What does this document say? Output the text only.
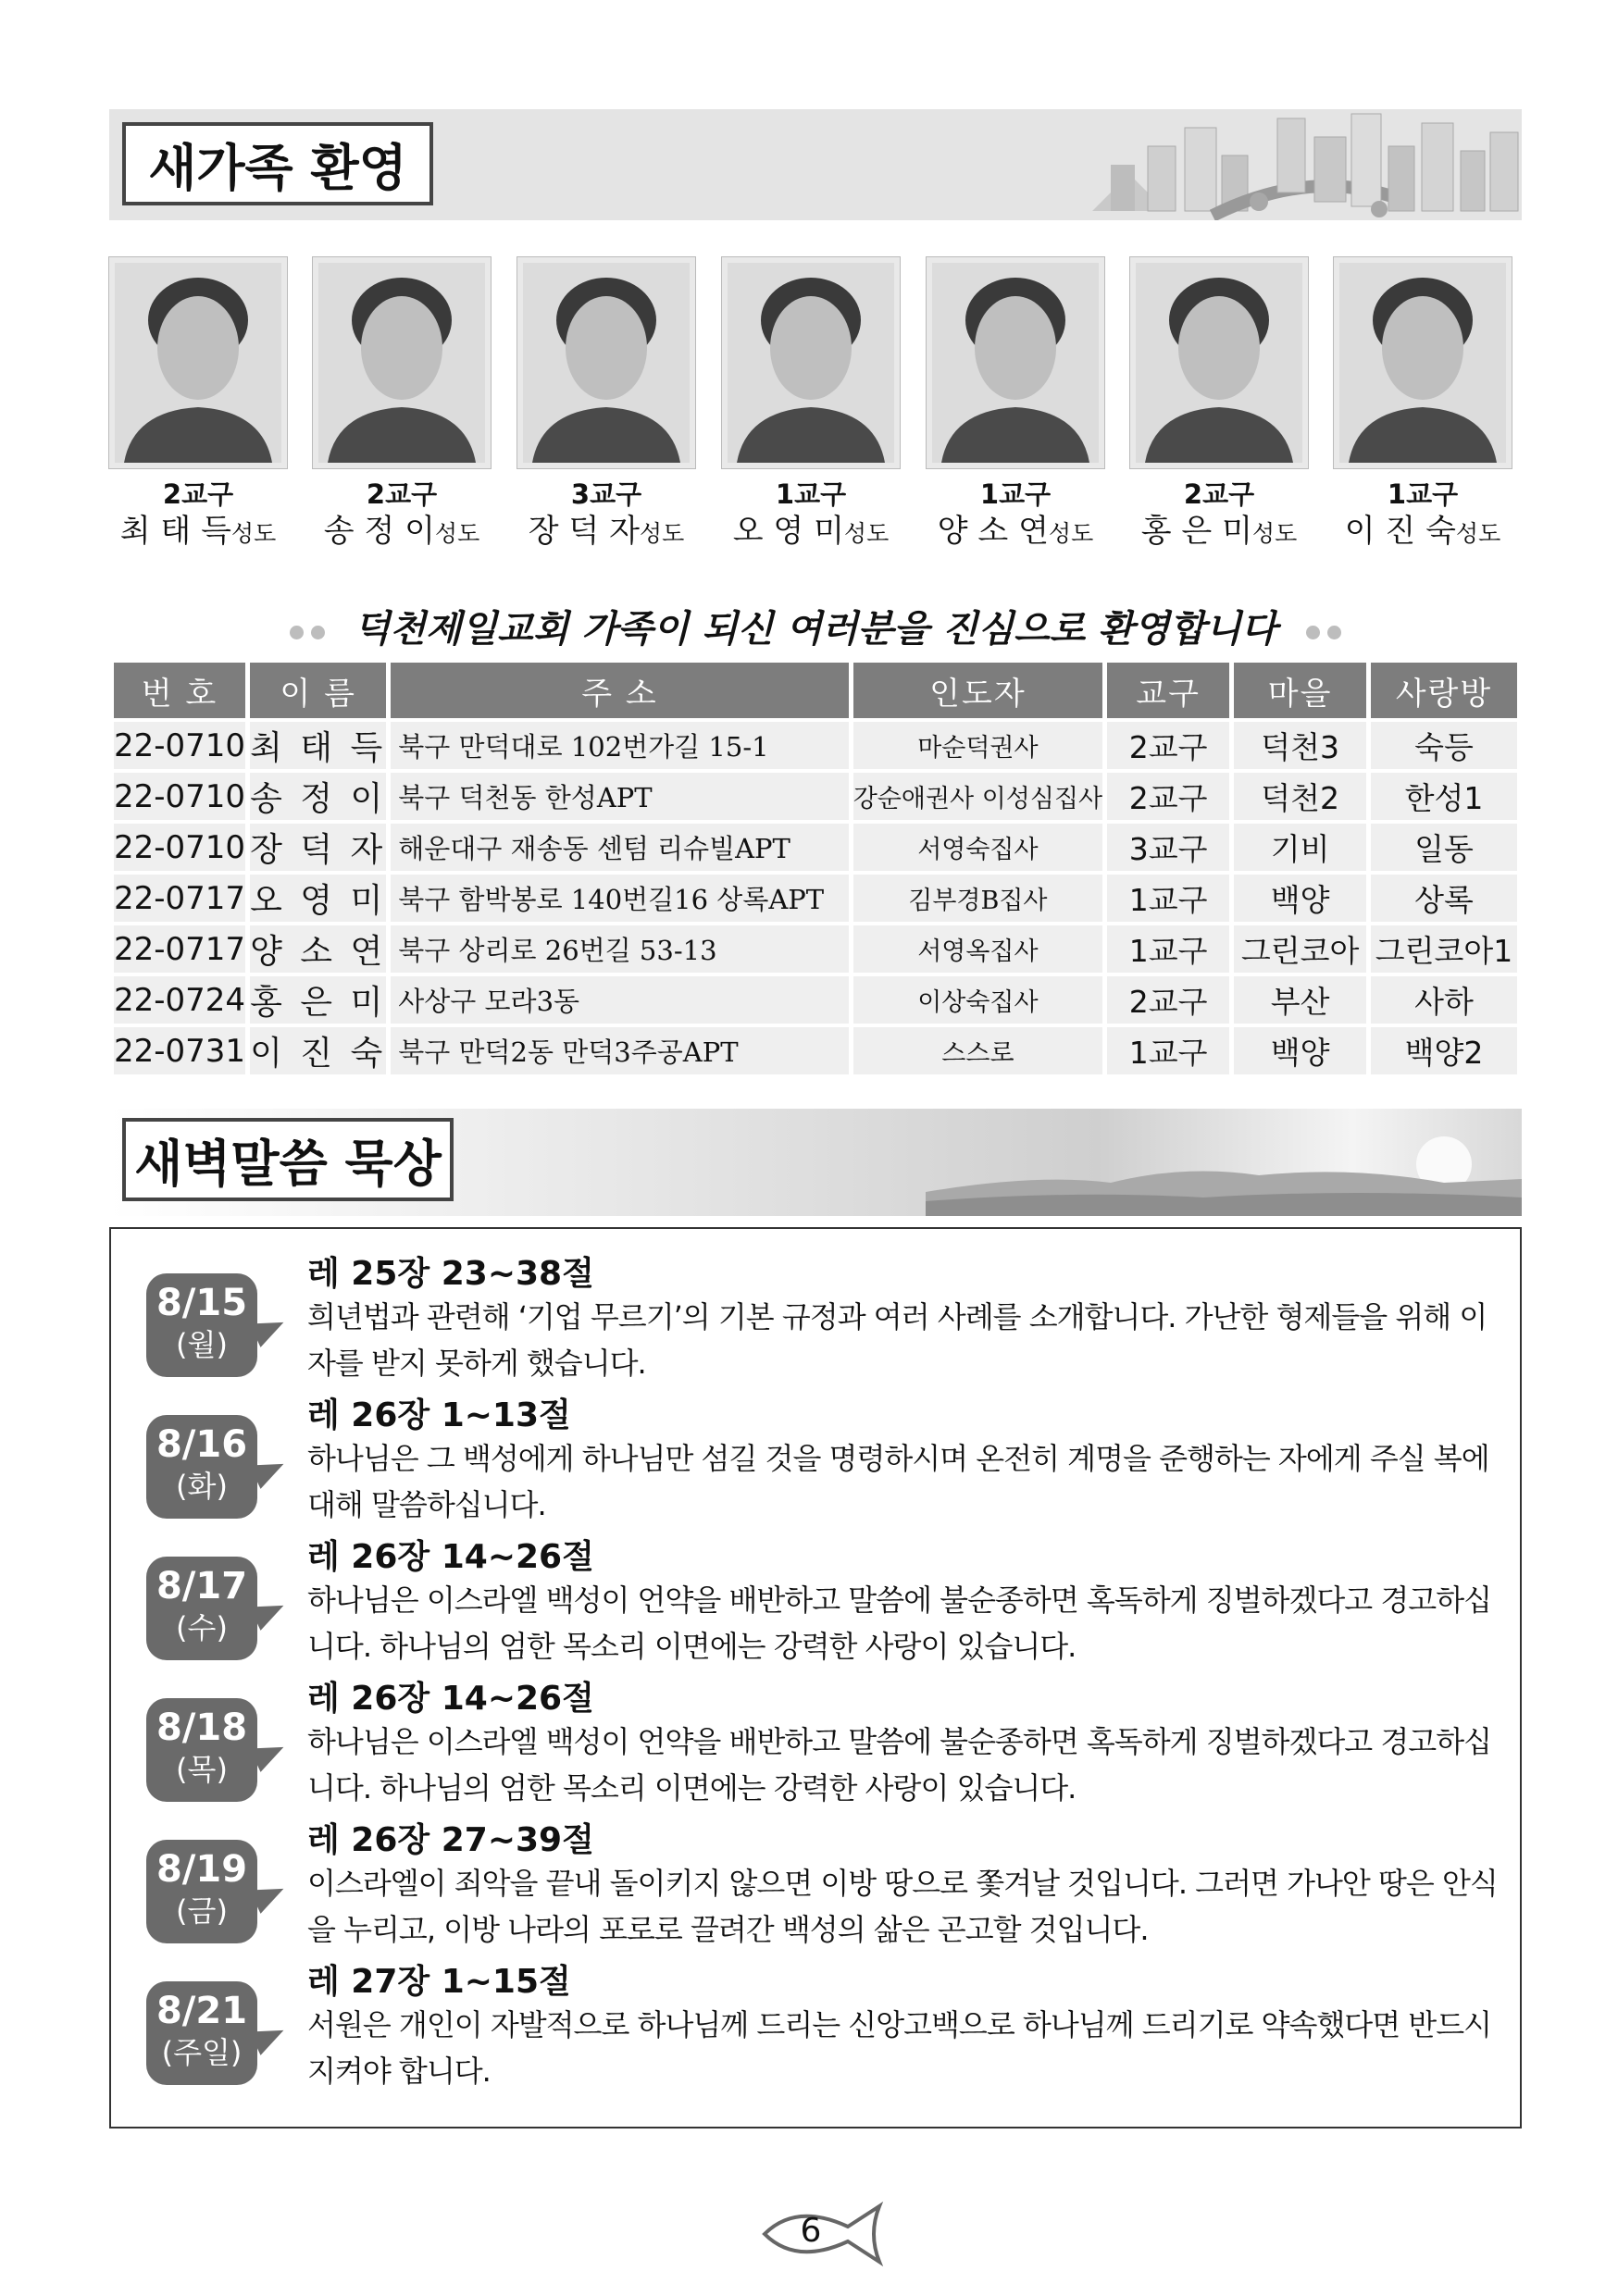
새가족 환영
2교구
최 태 득성도
2교구
송 정 이성도
3교구
장 덕 자성도
1교구
오 영 미성도
1교구
양 소 연성도
2교구
홍 은 미성도
1교구
이 진 숙성도
덕천제일교회 가족이 되신 여러분을 진심으로 환영합니다
번 호	이 름	주 소	인도자	교구	마을	사랑방
22-0710	최 태 득	북구 만덕대로 102번가길 15-1	마순덕권사	2교구	덕천3	숙등
22-0710	송 정 이	북구 덕천동 한성APT	강순애권사 이성심집사	2교구	덕천2	한성1
22-0710	장 덕 자	해운대구 재송동 센텀 리슈빌APT	서영숙집사	3교구	기비	일동
22-0717	오 영 미	북구 함박봉로 140번길16 상록APT	김부경B집사	1교구	백양	상록
22-0717	양 소 연	북구 상리로 26번길 53-13	서영옥집사	1교구	그린코아	그린코아1
22-0724	홍 은 미	사상구 모라3동	이상숙집사	2교구	부산	사하
22-0731	이 진 숙	북구 만덕2동 만덕3주공APT	스스로	1교구	백양	백양2
새벽말씀 묵상
8/15
(월)
레 25장 23~38절
희년법과 관련해 ‘기업 무르기’의 기본 규정과 여러 사례를 소개합니다. 가난한 형제들을 위해 이자를 받지 못하게 했습니다.
8/16
(화)
레 26장 1~13절
하나님은 그 백성에게 하나님만 섬길 것을 명령하시며 온전히 계명을 준행하는 자에게 주실 복에 대해 말씀하십니다.
8/17
(수)
레 26장 14~26절
하나님은 이스라엘 백성이 언약을 배반하고 말씀에 불순종하면 혹독하게 징벌하겠다고 경고하십니다. 하나님의 엄한 목소리 이면에는 강력한 사랑이 있습니다.
8/18
(목)
레 26장 14~26절
하나님은 이스라엘 백성이 언약을 배반하고 말씀에 불순종하면 혹독하게 징벌하겠다고 경고하십니다. 하나님의 엄한 목소리 이면에는 강력한 사랑이 있습니다.
8/19
(금)
레 26장 27~39절
이스라엘이 죄악을 끝내 돌이키지 않으면 이방 땅으로 쫓겨날 것입니다. 그러면 가나안 땅은 안식을 누리고, 이방 나라의 포로로 끌려간 백성의 삶은 곤고할 것입니다.
8/21
(주일)
레 27장 1~15절
서원은 개인이 자발적으로 하나님께 드리는 신앙고백으로 하나님께 드리기로 약속했다면 반드시 지켜야 합니다.
6
